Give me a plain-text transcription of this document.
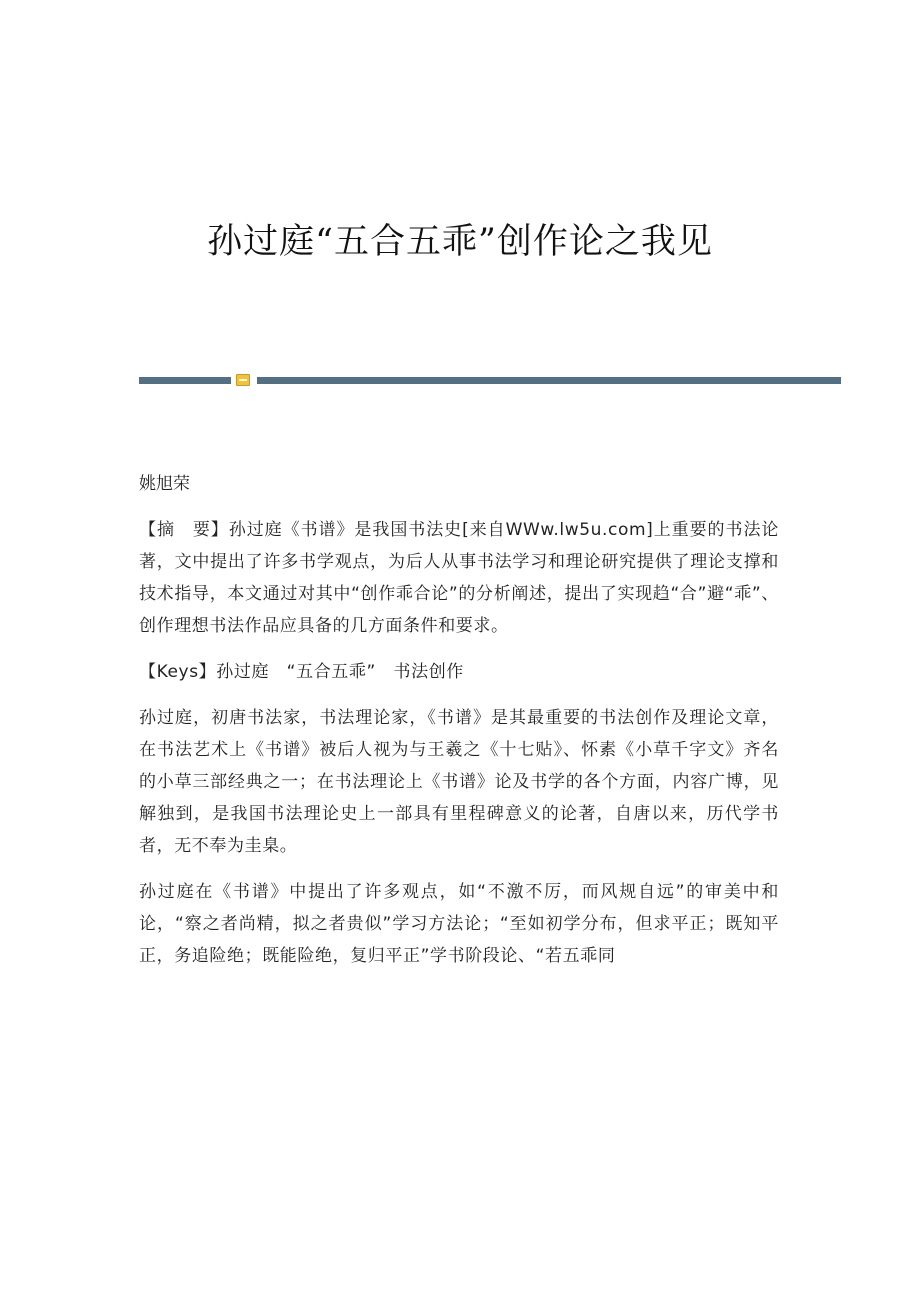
孙过庭“五合五乖”创作论之我见

姚旭荣

【摘　要】孙过庭《书谱》是我国书法史[来自WWw.lw5u.com]上重要的书法论著，文中提出了许多书学观点，为后人从事书法学习和理论研究提供了理论支撑和技术指导，本文通过对其中“创作乖合论”的分析阐述，提出了实现趋“合”避“乖”、创作理想书法作品应具备的几方面条件和要求。

【Keys】孙过庭　“五合五乖”　书法创作

孙过庭，初唐书法家，书法理论家，《书谱》是其最重要的书法创作及理论文章，在书法艺术上《书谱》被后人视为与王羲之《十七贴》、怀素《小草千字文》齐名的小草三部经典之一；在书法理论上《书谱》论及书学的各个方面，内容广博，见解独到，是我国书法理论史上一部具有里程碑意义的论著，自唐以来，历代学书者，无不奉为圭臬。

孙过庭在《书谱》中提出了许多观点，如“不激不厉，而风规自远”的审美中和论，“察之者尚精，拟之者贵似”学习方法论；“至如初学分布，但求平正；既知平正，务追险绝；既能险绝，复归平正”学书阶段论、“若五乖同
